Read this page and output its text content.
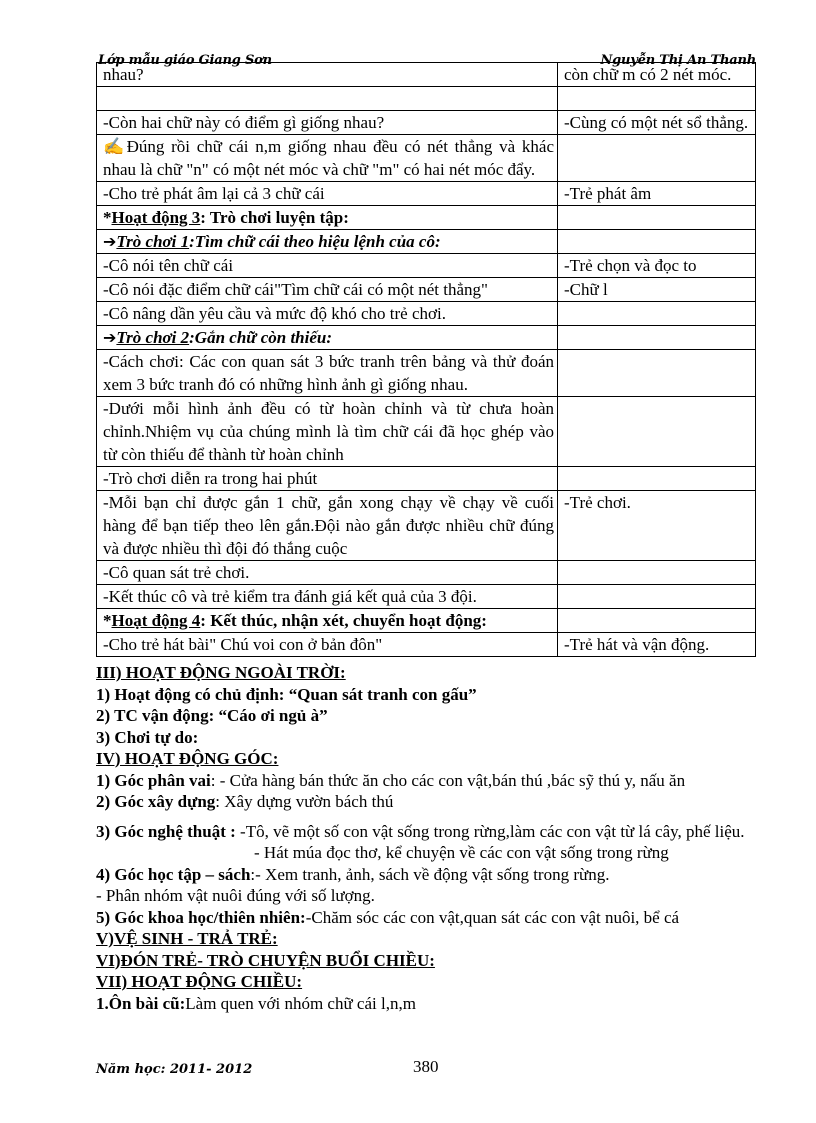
Lớp mẫu giáo Giang Sơn	Nguyễn Thị An Thanh
nhau?	còn chữ m có 2 nét móc.

-Còn hai chữ này có điểm gì giống nhau?	-Cùng có một nét sổ thẳng.

✍Đúng rồi chữ cái n,m giống nhau đều có nét thẳng và khác nhau là chữ "n" có một nét móc và chữ "m" có hai nét móc đẩy.	

-Cho trẻ phát âm lại cả 3 chữ cái	-Trẻ phát âm

*Hoạt động 3: Trò chơi luyện tập:	

➔Trò chơi 1:Tìm chữ cái theo hiệu lệnh của cô:	

-Cô nói tên chữ cái	-Trẻ chọn và đọc to

-Cô nói đặc điểm chữ cái"Tìm chữ cái có một nét thẳng"	-Chữ l

-Cô nâng dần yêu cầu và mức độ khó cho trẻ chơi.	

➔Trò chơi 2:Gắn chữ còn thiếu:	

-Cách chơi: Các con quan sát 3 bức tranh trên bảng và thử đoán xem 3 bức tranh đó có những hình ảnh gì giống nhau.	

-Dưới mỗi hình ảnh đều có từ hoàn chỉnh và từ chưa hoàn chỉnh.Nhiệm vụ của chúng mình là tìm chữ cái đã học ghép vào từ còn thiếu để thành từ hoàn chỉnh	

-Trò chơi diễn ra trong hai phút	

-Mỗi bạn chỉ được gắn 1 chữ, gắn xong chạy về chạy về cuối hàng để bạn tiếp theo lên gắn.Đội nào gắn được nhiều chữ đúng và được nhiều thì đội đó thắng cuộc	-Trẻ chơi.

-Cô quan sát trẻ chơi.	

-Kết thúc cô và trẻ kiểm tra đánh giá kết quả của 3 đội.	

*Hoạt động 4: Kết thúc, nhận xét, chuyển hoạt động:	

-Cho trẻ hát bài" Chú voi con ở bản đôn"	-Trẻ hát và vận động.
III) HOẠT ĐỘNG NGOÀI TRỜI:
1) Hoạt động có chủ định: “Quan sát tranh con gấu”
2) TC vận động: “Cáo ơi ngủ à”
3) Chơi tự do:
IV) HOẠT ĐỘNG GÓC:
1) Góc phân vai: - Cửa hàng bán thức ăn cho các con vật,bán thú ,bác sỹ thú y, nấu ăn
2) Góc xây dựng: Xây dựng vườn bách thú
3) Góc nghệ thuật : -Tô, vẽ một số con vật sống trong rừng,làm các con vật từ lá cây, phế liệu.
- Hát múa đọc thơ, kể chuyện về các con vật sống trong rừng
4) Góc học tập – sách:- Xem tranh, ảnh, sách về động vật sống trong rừng.
- Phân nhóm vật nuôi đúng với số lượng.
5) Góc khoa học/thiên nhiên:-Chăm sóc các con vật,quan sát các con vật nuôi, bể cá
V)VỆ SINH - TRẢ TRẺ:
VI)ĐÓN TRẺ- TRÒ CHUYỆN BUỔI CHIỀU:
VII) HOẠT ĐỘNG CHIỀU:
1.Ôn bài cũ:Làm quen với nhóm chữ cái l,n,m
Năm học: 2011- 2012	380
